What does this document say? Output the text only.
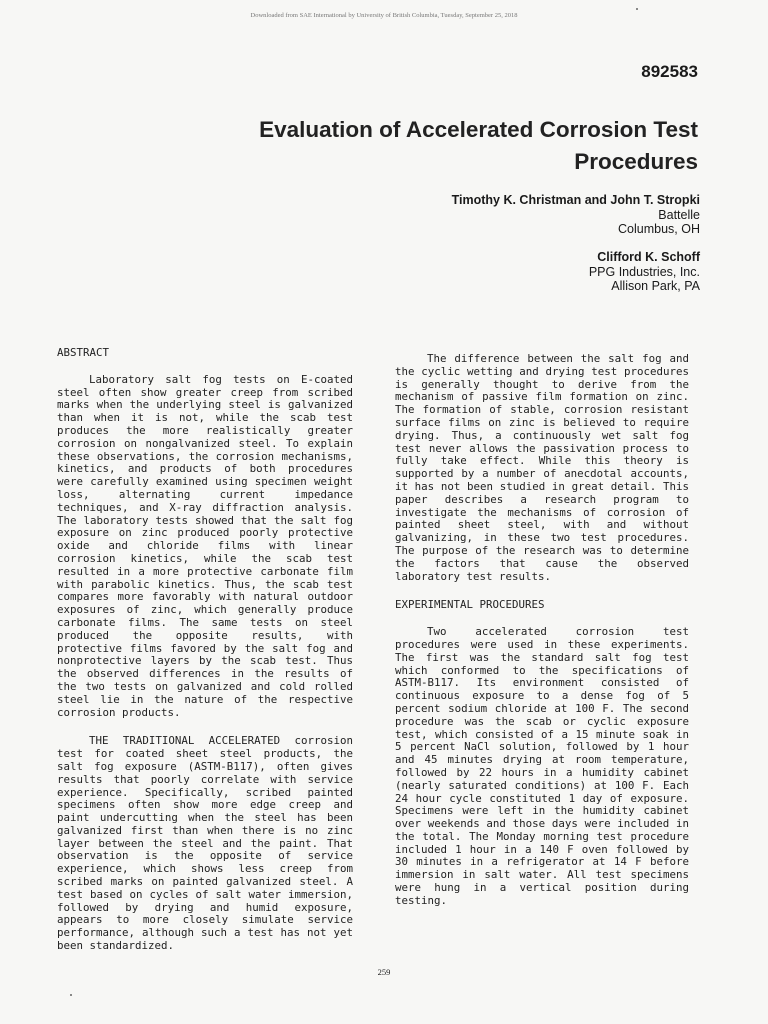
Downloaded from SAE International by University of British Columbia, Tuesday, September 25, 2018
892583
Evaluation of Accelerated Corrosion Test
Procedures
Timothy K. Christman and John T. Stropki
Battelle
Columbus, OH
Clifford K. Schoff
PPG Industries, Inc.
Allison Park, PA

ABSTRACT

Laboratory salt fog tests on E-coated steel often show greater creep from scribed marks when the underlying steel is galvanized than when it is not, while the scab test produces the more realistically greater corrosion on nongalvanized steel. To explain these observations, the corrosion mechanisms, kinetics, and products of both procedures were carefully examined using specimen weight loss, alternating current impedance techniques, and X-ray diffraction analysis. The laboratory tests showed that the salt fog exposure on zinc produced poorly protective oxide and chloride films with linear corrosion kinetics, while the scab test resulted in a more protective carbonate film with parabolic kinetics. Thus, the scab test compares more favorably with natural outdoor exposures of zinc, which generally produce carbonate films. The same tests on steel produced the opposite results, with protective films favored by the salt fog and nonprotective layers by the scab test. Thus the observed differences in the results of the two tests on galvanized and cold rolled steel lie in the nature of the respective corrosion products.

THE TRADITIONAL ACCELERATED corrosion test for coated sheet steel products, the salt fog exposure (ASTM-B117), often gives results that poorly correlate with service experience. Specifically, scribed painted specimens often show more edge creep and paint undercutting when the steel has been galvanized first than when there is no zinc layer between the steel and the paint. That observation is the opposite of service experience, which shows less creep from scribed marks on painted galvanized steel. A test based on cycles of salt water immersion, followed by drying and humid exposure, appears to more closely simulate service performance, although such a test has not yet been standardized.

The difference between the salt fog and the cyclic wetting and drying test procedures is generally thought to derive from the mechanism of passive film formation on zinc. The formation of stable, corrosion resistant surface films on zinc is believed to require drying. Thus, a continuously wet salt fog test never allows the passivation process to fully take effect. While this theory is supported by a number of anecdotal accounts, it has not been studied in great detail. This paper describes a research program to investigate the mechanisms of corrosion of painted sheet steel, with and without galvanizing, in these two test procedures. The purpose of the research was to determine the factors that cause the observed laboratory test results.

EXPERIMENTAL PROCEDURES

Two accelerated corrosion test procedures were used in these experiments. The first was the standard salt fog test which conformed to the specifications of ASTM-B117. Its environment consisted of continuous exposure to a dense fog of 5 percent sodium chloride at 100 F. The second procedure was the scab or cyclic exposure test, which consisted of a 15 minute soak in 5 percent NaCl solution, followed by 1 hour and 45 minutes drying at room temperature, followed by 22 hours in a humidity cabinet (nearly saturated conditions) at 100 F. Each 24 hour cycle constituted 1 day of exposure. Specimens were left in the humidity cabinet over weekends and those days were included in the total. The Monday morning test procedure included 1 hour in a 140 F oven followed by 30 minutes in a refrigerator at 14 F before immersion in salt water. All test specimens were hung in a vertical position during testing.

259
